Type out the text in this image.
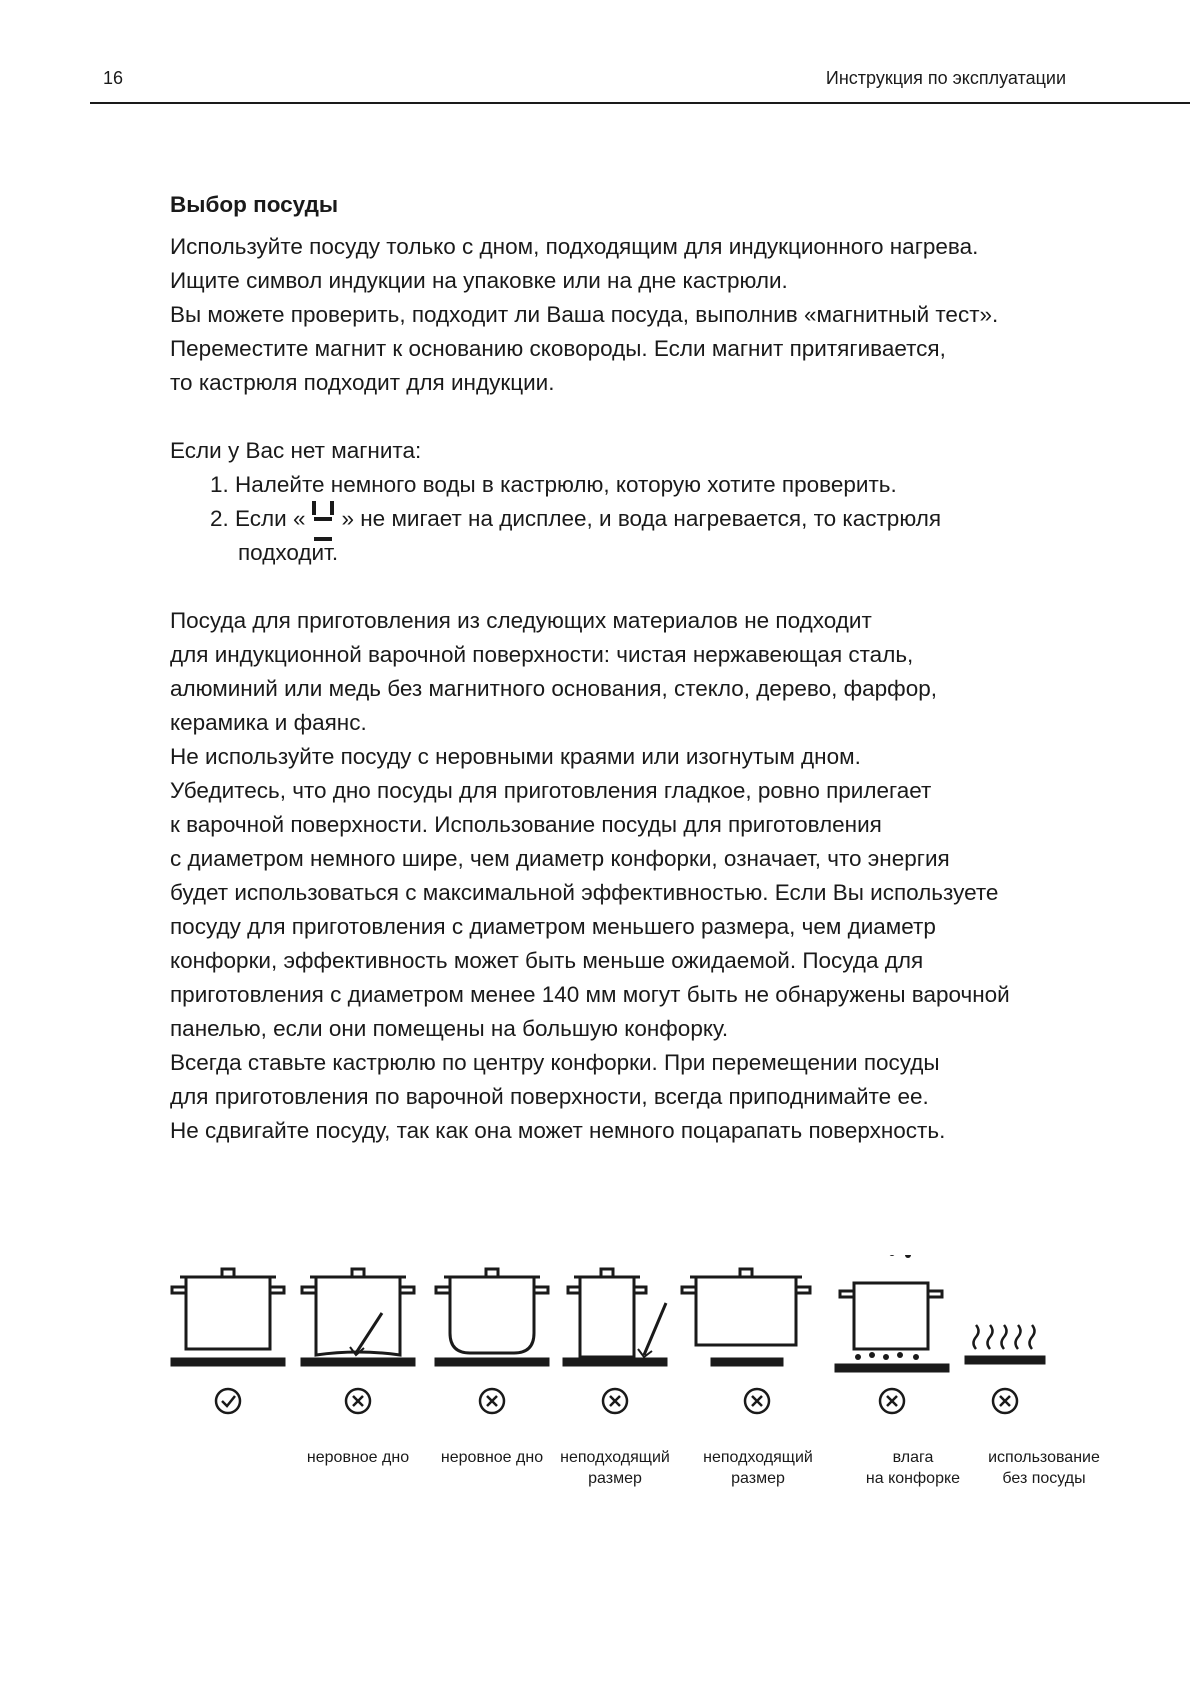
16	Инструкция по эксплуатации
Выбор посуды

Используйте посуду только с дном, подходящим для индукционного нагрева.

Ищите символ индукции на упаковке или на дне кастрюли.

Вы можете проверить, подходит ли Ваша посуда, выполнив «магнитный тест».

Переместите магнит к основанию сковороды. Если магнит притягивается,

то кастрюля подходит для индукции.

Если у Вас нет магнита:

1. Налейте немного воды в кастрюлю, которую хотите проверить.
2. Если « » не мигает на дисплее, и вода нагревается, то кастрюля
подходит.

Посуда для приготовления из следующих материалов не подходит

для индукционной варочной поверхности: чистая нержавеющая сталь,

алюминий или медь без магнитного основания, стекло, дерево, фарфор,

керамика и фаянс.

Не используйте посуду с неровными краями или изогнутым дном.

Убедитесь, что дно посуды для приготовления гладкое, ровно прилегает

к варочной поверхности. Использование посуды для приготовления

с диаметром немного шире, чем диаметр конфорки, означает, что энергия

будет использоваться с максимальной эффективностью. Если Вы используете

посуду для приготовления с диаметром меньшего размера, чем диаметр

конфорки, эффективность может быть меньше ожидаемой. Посуда для

приготовления с диаметром менее 140 мм могут быть не обнаружены варочной

панелью, если они помещены на большую конфорку.

Всегда ставьте кастрюлю по центру конфорки. При перемещении посуды

для приготовления по варочной поверхности, всегда приподнимайте ее.

Не сдвигайте посуду, так как она может немного поцарапать поверхность.

неровное дно	неровное дно	неподходящий
размер
неподходящий
размер
влага
на конфорке
использование
без посуды
